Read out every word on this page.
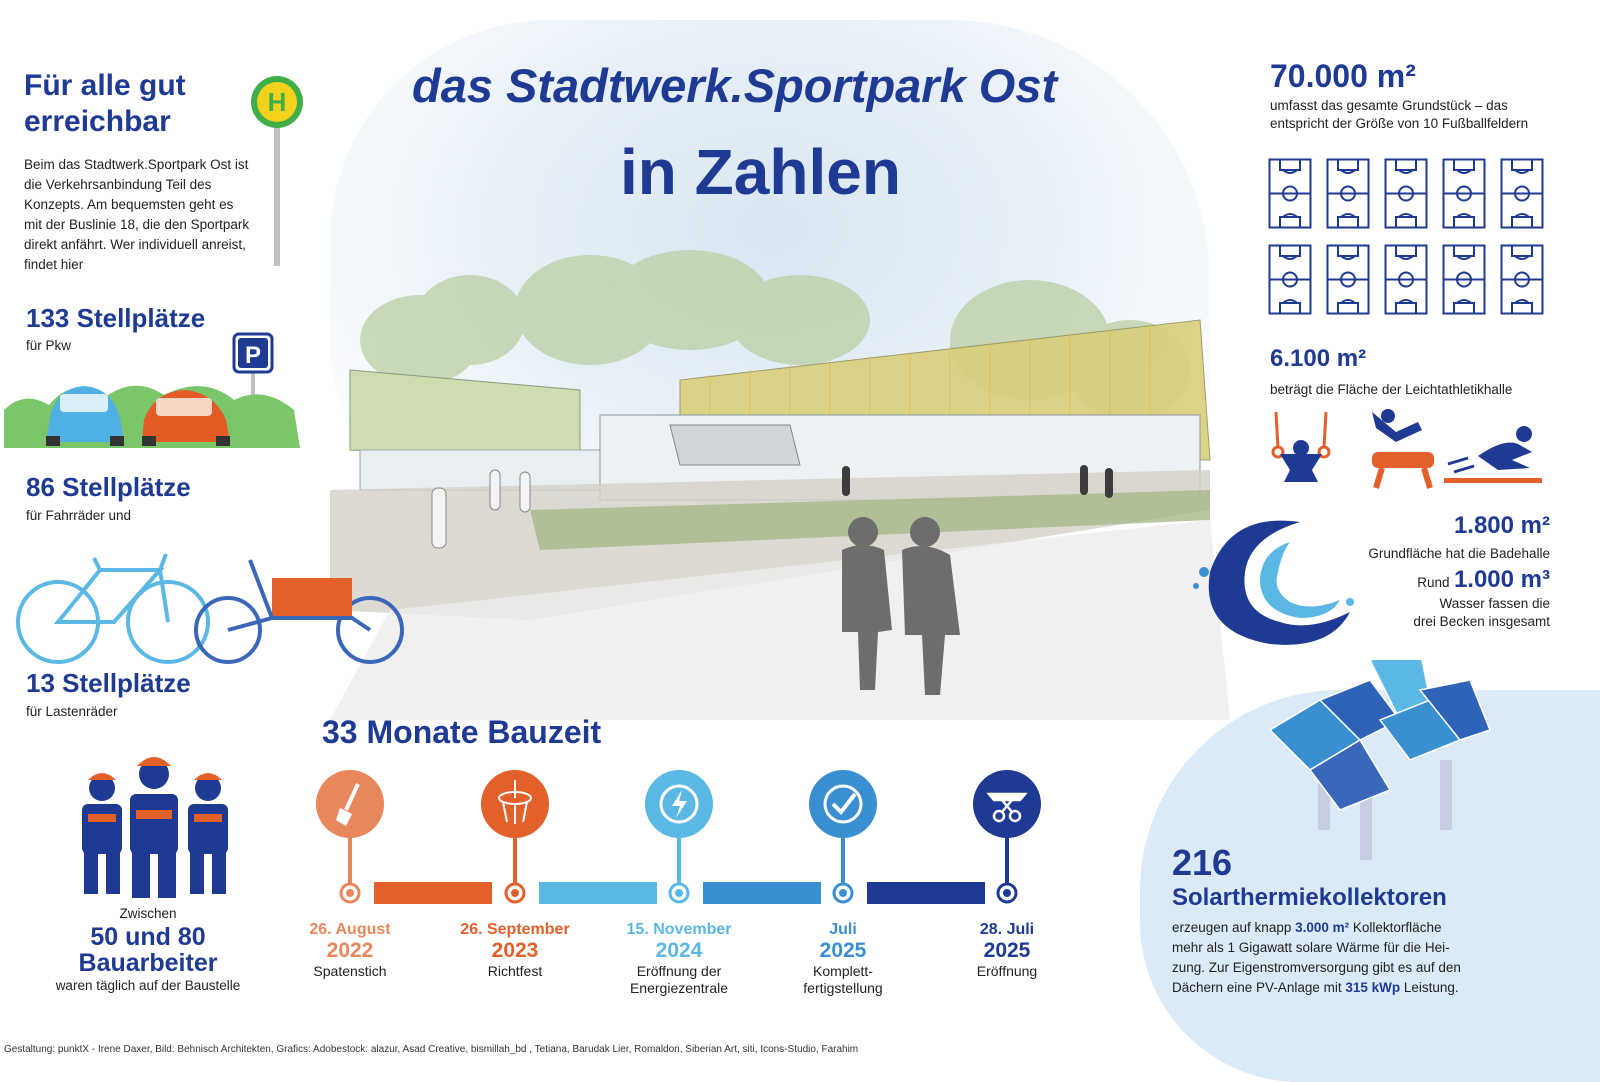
das Stadtwerk.Sportpark Ost
in Zahlen
Für alle gut
erreichbar
H
Beim das Stadtwerk.Sportpark Ost ist die Verkehrsanbindung Teil des Konzepts. Am bequemsten geht es mit der Buslinie 18, die den Sportpark direkt anfährt. Wer individuell anreist, findet hier
133 Stellplätze
für Pkw	P
86 Stellplätze
für Fahrräder und
13 Stellplätze
für Lastenräder
Zwischen
50 und 80
Bauarbeiter
waren täglich auf der Baustelle
33 Monate Bauzeit
26. August
2022
Spatenstich
26. September
2023
Richtfest
15. November
2024
Eröffnung der
Energiezentrale
Juli
2025
Komplett-
fertigstellung
28. Juli
2025
Eröffnung
70.000 m²
umfasst das gesamte Grundstück – das
entspricht der Größe von 10 Fußballfeldern
6.100 m²
beträgt die Fläche der Leichtathletikhalle
1.800 m²
Grundfläche hat die Badehalle
Rund 1.000 m³
Wasser fassen die
drei Becken insgesamt
216
Solarthermiekollektoren
erzeugen auf knapp 3.000 m² Kollektorfläche
mehr als 1 Gigawatt solare Wärme für die Hei-
zung. Zur Eigenstromversorgung gibt es auf den
Dächern eine PV-Anlage mit 315 kWp Leistung.
Gestaltung: punktX - Irene Daxer, Bild: Behnisch Architekten, Grafics: Adobestock: alazur, Asad Creative, bismillah_bd , Tetiana, Barudak Lier, Romaldon, Siberian Art, siti, Icons-Studio, Farahim
